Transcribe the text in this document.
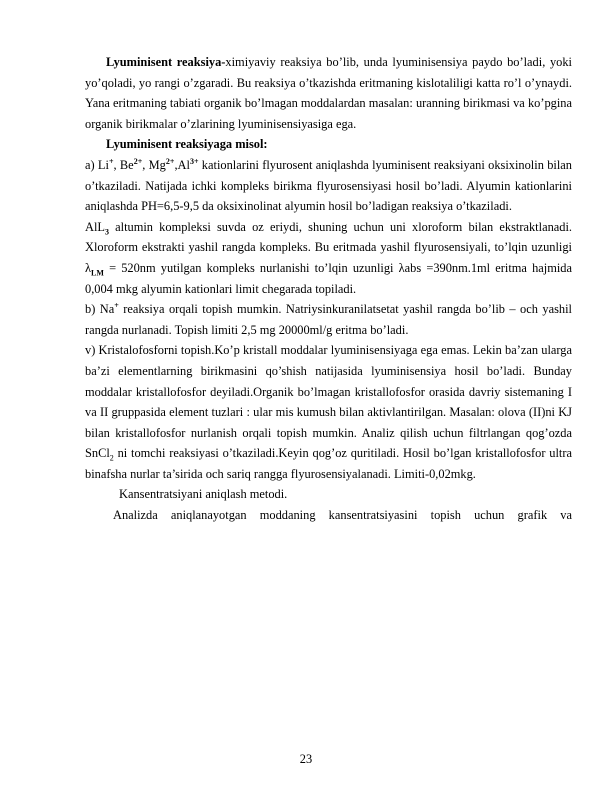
Lyuminisent reaksiya-ximiyaviy reaksiya bo’lib, unda lyuminisensiya paydo bo’ladi, yoki yo’qoladi, yo rangi o’zgaradi. Bu reaksiya o’tkazishda eritmaning kislotaliligi katta ro’l o’ynaydi. Yana eritmaning tabiati organik bo’lmagan moddalardan masalan: uranning birikmasi va ko’pgina organik birikmalar o’zlarining lyuminisensiyasiga ega.

Lyuminisent reaksiyaga misol:

a) Li+, $Be^{2+}$, $Mg^{2+},Al^{3+}$ kationlarini flyurosent aniqlashda lyuminisent reaksiyani oksixinolin bilan o’tkaziladi. Natijada ichki kompleks birikma flyurosensiyasi hosil bo’ladi. Alyumin kationlarini aniqlashda PH=6,5-9,5 da oksixinolinat alyumin hosil bo’ladigan reaksiya o’tkaziladi.

AlL$_3$ altumin kompleksi suvda oz eriydi, shuning uchun uni xloroform bilan ekstraktlanadi. Xloroform ekstrakti yashil rangda kompleks. Bu eritmada yashil flyurosensiyali, to’lqin uzunligi $\lambda_{LM} = 520nm$ yutilgan kompleks nurlanishi to’lqin uzunligi λabs =390nm.1ml eritma hajmida 0,004 mkg alyumin kationlari limit chegarada topiladi.

b) Na+ reaksiya orqali topish mumkin. Natriysinkuranilatsetat yashil rangda bo’lib – och yashil rangda nurlanadi. Topish limiti 2,5 mg 20000ml/g eritma bo’ladi.

v) Kristalofosforni topish.Ko’p kristall moddalar lyuminisensiyaga ega emas. Lekin ba’zan ularga ba’zi elementlarning birikmasini qo’shish natijasida lyuminisensiya hosil bo’ladi. Bunday moddalar kristallofosfor deyiladi.Organik bo’lmagan kristallofosfor orasida davriy sistemaning I va II gruppasida element tuzlari : ular mis kumush bilan aktivlantirilgan. Masalan: olova (II)ni KJ bilan kristallofosfor nurlanish orqali topish mumkin. Analiz qilish uchun filtrlangan qog’ozda SnCl$_2$ ni tomchi reaksiyasi o’tkaziladi.Keyin qog’oz quritiladi. Hosil bo’lgan kristallofosfor ultra binafsha nurlar ta’sirida och sariq rangga flyurosensiyalanadi. Limiti-0,02mkg.

Kansentratsiyani aniqlash metodi.

Analizda aniqlanayotgan moddaning kansentratsiyasini topish uchun grafik va

23
